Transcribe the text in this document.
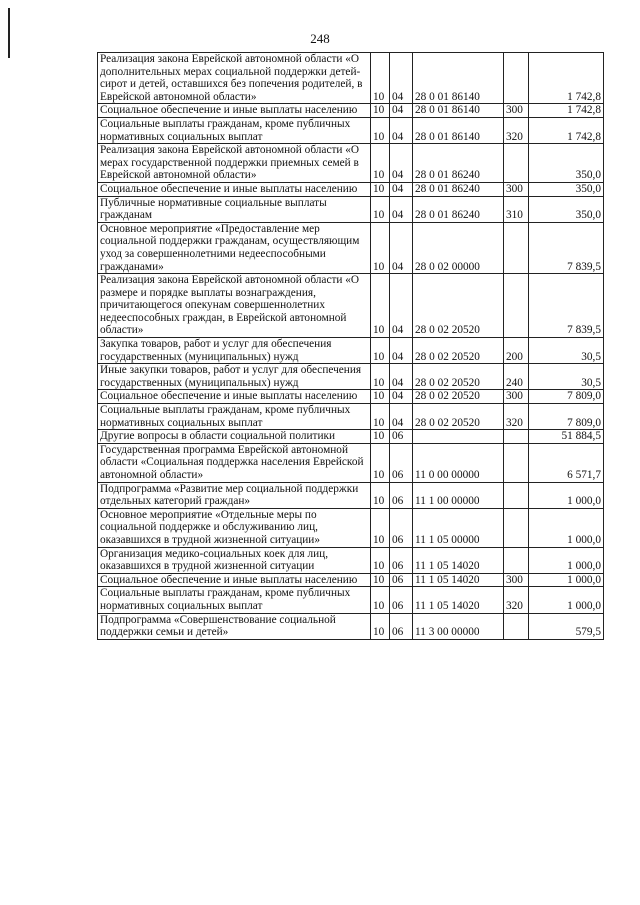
248
Реализация закона Еврейской автономной области «О дополнительных мерах социальной поддержки детей-сирот и детей, оставшихся без попечения родителей, в Еврейской автономной области»	10	04	28 0 01 86140		1 742,8
Социальное обеспечение и иные выплаты населению	10	04	28 0 01 86140	300	1 742,8
Социальные выплаты гражданам, кроме публичных нормативных социальных выплат	10	04	28 0 01 86140	320	1 742,8
Реализация закона Еврейской автономной области «О мерах государственной поддержки приемных семей в Еврейской автономной области»	10	04	28 0 01 86240		350,0
Социальное обеспечение и иные выплаты населению	10	04	28 0 01 86240	300	350,0
Публичные нормативные социальные выплаты гражданам	10	04	28 0 01 86240	310	350,0
Основное мероприятие «Предоставление мер социальной поддержки гражданам, осуществляющим уход за совершеннолетними недееспособными гражданами»	10	04	28 0 02 00000		7 839,5
Реализация закона Еврейской автономной области «О размере и порядке выплаты вознаграждения, причитающегося опекунам совершеннолетних недееспособных граждан, в Еврейской автономной области»	10	04	28 0 02 20520		7 839,5
Закупка товаров, работ и услуг для обеспечения государственных (муниципальных) нужд	10	04	28 0 02 20520	200	30,5
Иные закупки товаров, работ и услуг для обеспечения государственных (муниципальных) нужд	10	04	28 0 02 20520	240	30,5
Социальное обеспечение и иные выплаты населению	10	04	28 0 02 20520	300	7 809,0
Социальные выплаты гражданам, кроме публичных нормативных социальных выплат	10	04	28 0 02 20520	320	7 809,0
Другие вопросы в области социальной политики	10	06			51 884,5
Государственная программа Еврейской автономной области «Социальная поддержка населения Еврейской автономной области»	10	06	11 0 00 00000		6 571,7
Подпрограмма «Развитие мер социальной поддержки отдельных категорий граждан»	10	06	11 1 00 00000		1 000,0
Основное мероприятие «Отдельные меры по социальной поддержке и обслуживанию лиц, оказавшихся в трудной жизненной ситуации»	10	06	11 1 05 00000		1 000,0
Организация медико-социальных коек для лиц, оказавшихся в трудной жизненной ситуации	10	06	11 1 05 14020		1 000,0
Социальное обеспечение и иные выплаты населению	10	06	11 1 05 14020	300	1 000,0
Социальные выплаты гражданам, кроме публичных нормативных социальных выплат	10	06	11 1 05 14020	320	1 000,0
Подпрограмма «Совершенствование социальной поддержки семьи и детей»	10	06	11 3 00 00000		579,5
